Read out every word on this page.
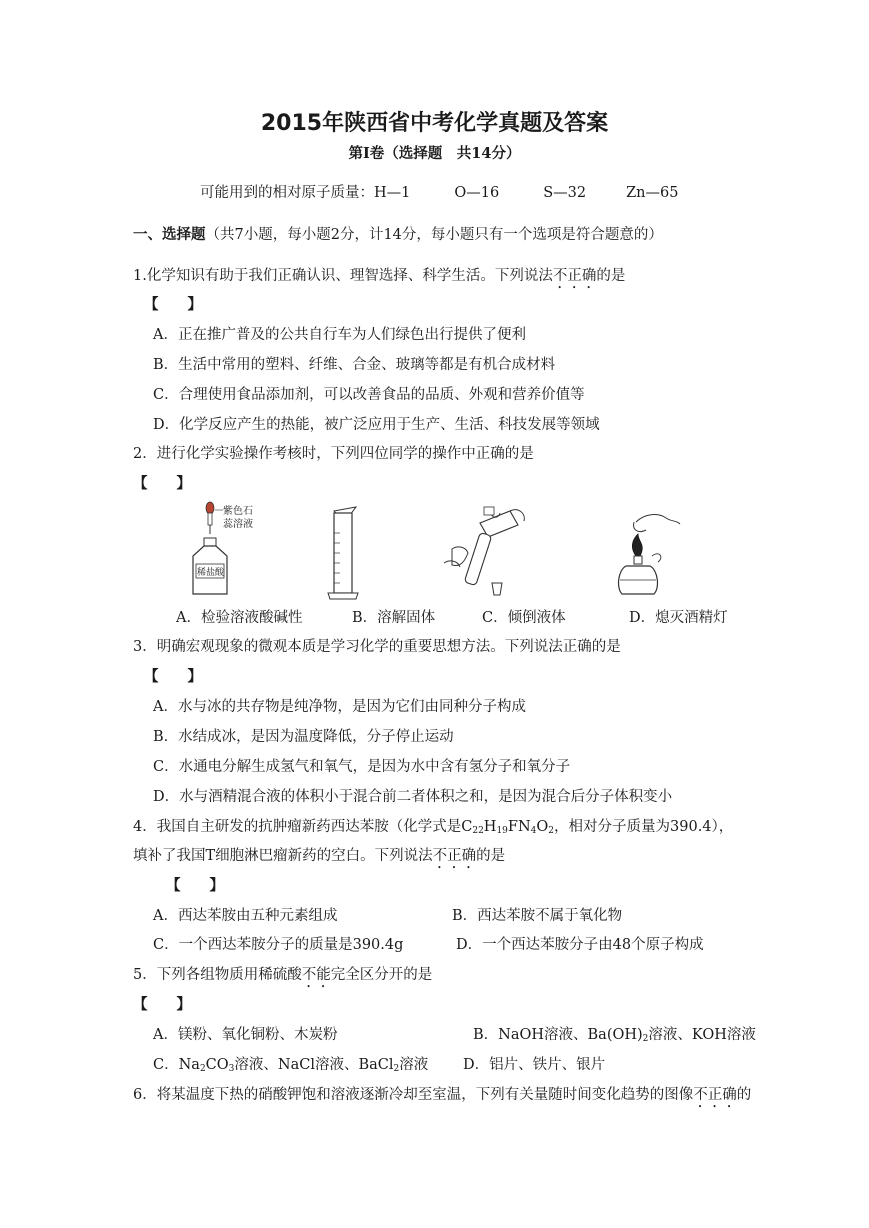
2015年陕西省中考化学真题及答案
第Ⅰ卷（选择题　共14分）
可能用到的相对原子质量：H—1	O—16	S—32	Zn—65
一、选择题（共7小题，每小题2分，计14分，每小题只有一个选项是符合题意的）
1.化学知识有助于我们正确认识、理智选择、科学生活。下列说法不正确的是
【　　】
A．正在推广普及的公共自行车为人们绿色出行提供了便利
B．生活中常用的塑料、纤维、合金、玻璃等都是有机合成材料
C．合理使用食品添加剂，可以改善食品的品质、外观和营养价值等
D．化学反应产生的热能，被广泛应用于生产、生活、科技发展等领域
2．进行化学实验操作考核时，下列四位同学的操作中正确的是
【　　】
紫色石
蕊溶液
稀盐酸
A．检验溶液酸碱性	B．溶解固体	C．倾倒液体	D．熄灭酒精灯
3．明确宏观现象的微观本质是学习化学的重要思想方法。下列说法正确的是
【　　】
A．水与冰的共存物是纯净物，是因为它们由同种分子构成
B．水结成冰，是因为温度降低，分子停止运动
C．水通电分解生成氢气和氧气，是因为水中含有氢分子和氧分子
D．水与酒精混合液的体积小于混合前二者体积之和，是因为混合后分子体积变小
4．我国自主研发的抗肿瘤新药西达苯胺（化学式是$C_{22}H_{19}FN_4O_2$，相对分子质量为390.4），
填补了我国T细胞淋巴瘤新药的空白。下列说法不正确的是
【　　】
A．西达苯胺由五种元素组成	B．西达苯胺不属于氧化物
C．一个西达苯胺分子的质量是390.4g	D．一个西达苯胺分子由48个原子构成
5．下列各组物质用稀硫酸不能完全区分开的是
【　　】
A．镁粉、氧化铜粉、木炭粉	B．NaOH溶液、$Ba(OH)_2$溶液、KOH溶液
C．$Na_2CO_3$溶液、NaCl溶液、BaCl$_2$溶液 D．铝片、铁片、银片
6．将某温度下热的硝酸钾饱和溶液逐渐冷却至室温，下列有关量随时间变化趋势的图像不正确的
